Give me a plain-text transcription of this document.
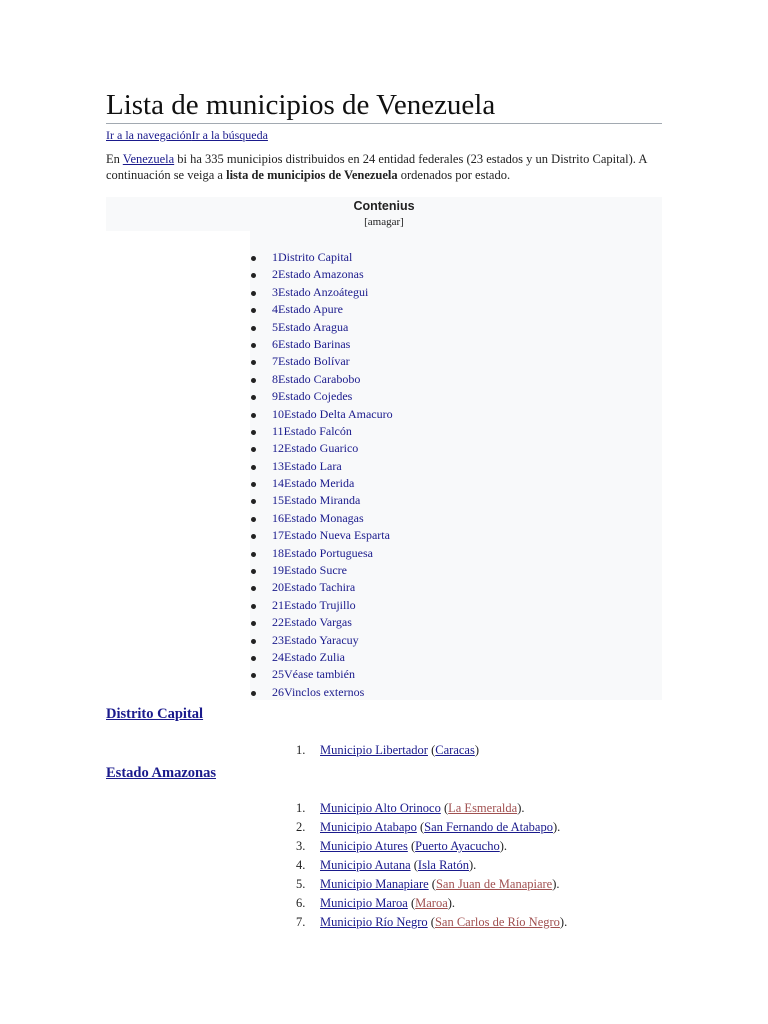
Lista de municipios de Venezuela
Ir a la navegaciónIr a la búsqueda

En Venezuela bi ha 335 municipios distribuidos en 24 entidad federales (23 estados y un Distrito Capital). A continuación se veiga a lista de municipios de Venezuela ordenados por estado.

Contenius
[amagar]
1Distrito Capital
2Estado Amazonas
3Estado Anzoátegui
4Estado Apure
5Estado Aragua
6Estado Barinas
7Estado Bolívar
8Estado Carabobo
9Estado Cojedes
10Estado Delta Amacuro
11Estado Falcón
12Estado Guarico
13Estado Lara
14Estado Merida
15Estado Miranda
16Estado Monagas
17Estado Nueva Esparta
18Estado Portuguesa
19Estado Sucre
20Estado Tachira
21Estado Trujillo
22Estado Vargas
23Estado Yaracuy
24Estado Zulia
25Véase también
26Vinclos externos
Distrito Capital
1. Municipio Libertador (Caracas)
Estado Amazonas
1. Municipio Alto Orinoco (La Esmeralda).
2. Municipio Atabapo (San Fernando de Atabapo).
3. Municipio Atures (Puerto Ayacucho).
4. Municipio Autana (Isla Ratón).
5. Municipio Manapiare (San Juan de Manapiare).
6. Municipio Maroa (Maroa).
7. Municipio Río Negro (San Carlos de Río Negro).
